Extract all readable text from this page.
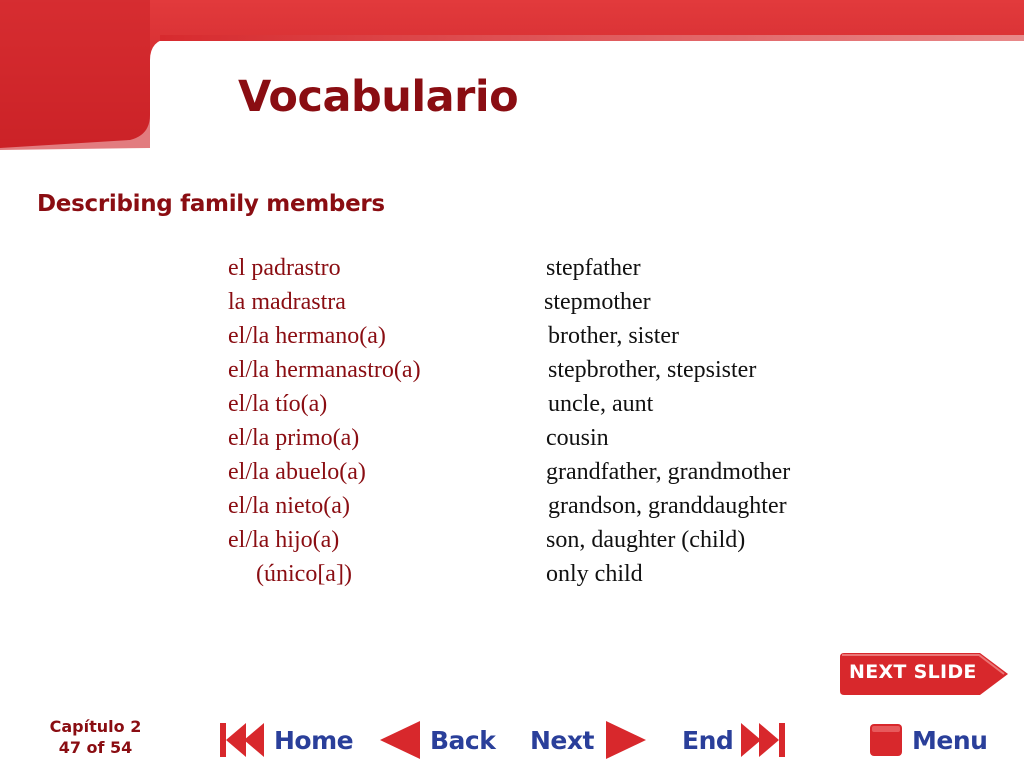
Vocabulario
Describing family members
el padrastro	stepfather
la madrastra	stepmother
el/la hermano(a)	brother, sister
el/la hermanastro(a)	stepbrother, stepsister
el/la tío(a)	uncle, aunt
el/la primo(a)	cousin
el/la abuelo(a)	grandfather, grandmother
el/la nieto(a)	grandson, granddaughter
el/la hijo(a)	son, daughter (child)
(único[a])	only child
NEXT SLIDE
Capítulo 2
47 of 54	Home	Back Next	End	Menu
